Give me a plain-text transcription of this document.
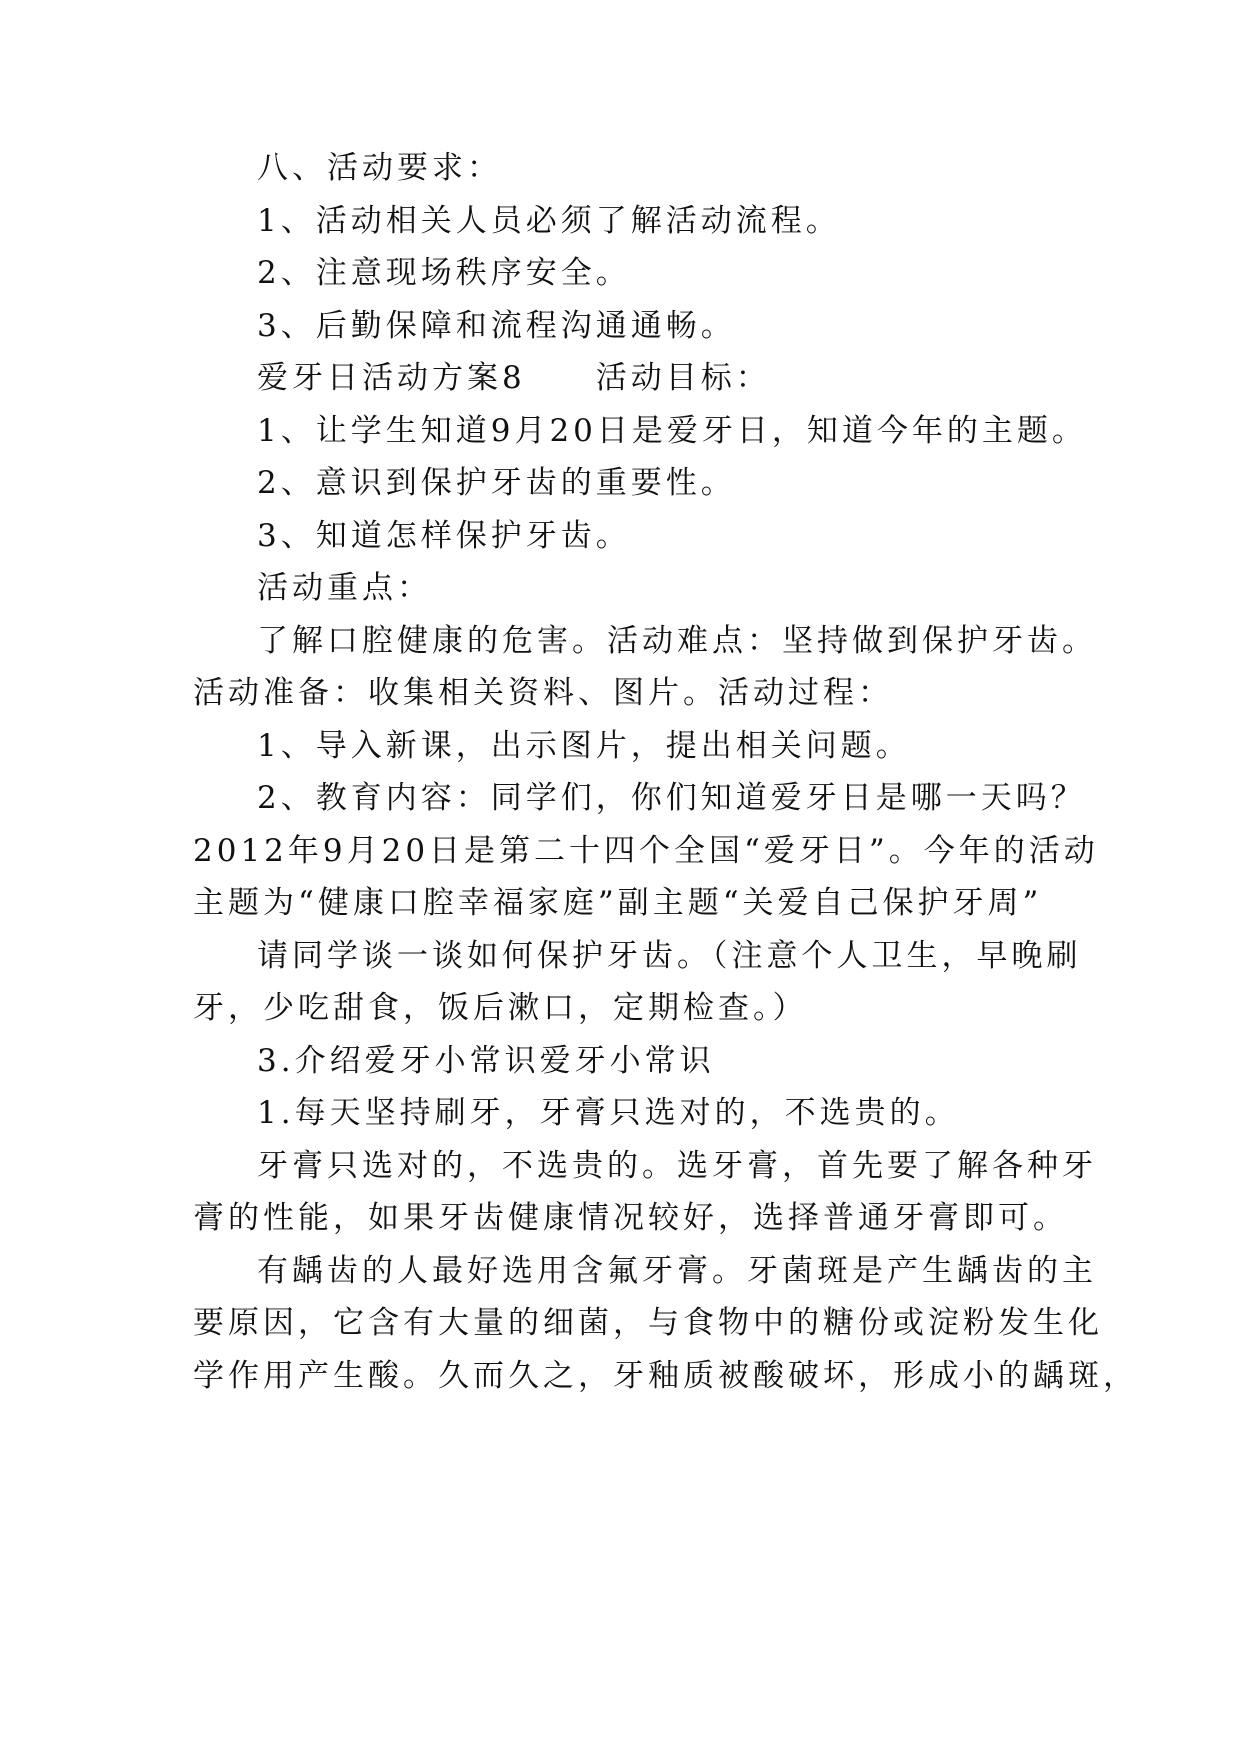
八、活动要求：
1、活动相关人员必须了解活动流程。
2、注意现场秩序安全。
3、后勤保障和流程沟通通畅。
爱牙日活动方案8　　活动目标：
1、让学生知道9月20日是爱牙日，知道今年的主题。
2、意识到保护牙齿的重要性。
3、知道怎样保护牙齿。
活动重点：
了解口腔健康的危害。活动难点：坚持做到保护牙齿。
活动准备：收集相关资料、图片。活动过程：
1、导入新课，出示图片，提出相关问题。
2、教育内容：同学们，你们知道爱牙日是哪一天吗？
2012年9月20日是第二十四个全国“爱牙日”。今年的活动
主题为“健康口腔幸福家庭”副主题“关爱自己保护牙周”
请同学谈一谈如何保护牙齿。（注意个人卫生，早晚刷
牙，少吃甜食，饭后漱口，定期检查。）
3.介绍爱牙小常识爱牙小常识
1.每天坚持刷牙，牙膏只选对的，不选贵的。
牙膏只选对的，不选贵的。选牙膏，首先要了解各种牙
膏的性能，如果牙齿健康情况较好，选择普通牙膏即可。
有龋齿的人最好选用含氟牙膏。牙菌斑是产生龋齿的主
要原因，它含有大量的细菌，与食物中的糖份或淀粉发生化
学作用产生酸。久而久之，牙釉质被酸破坏，形成小的龋斑，
